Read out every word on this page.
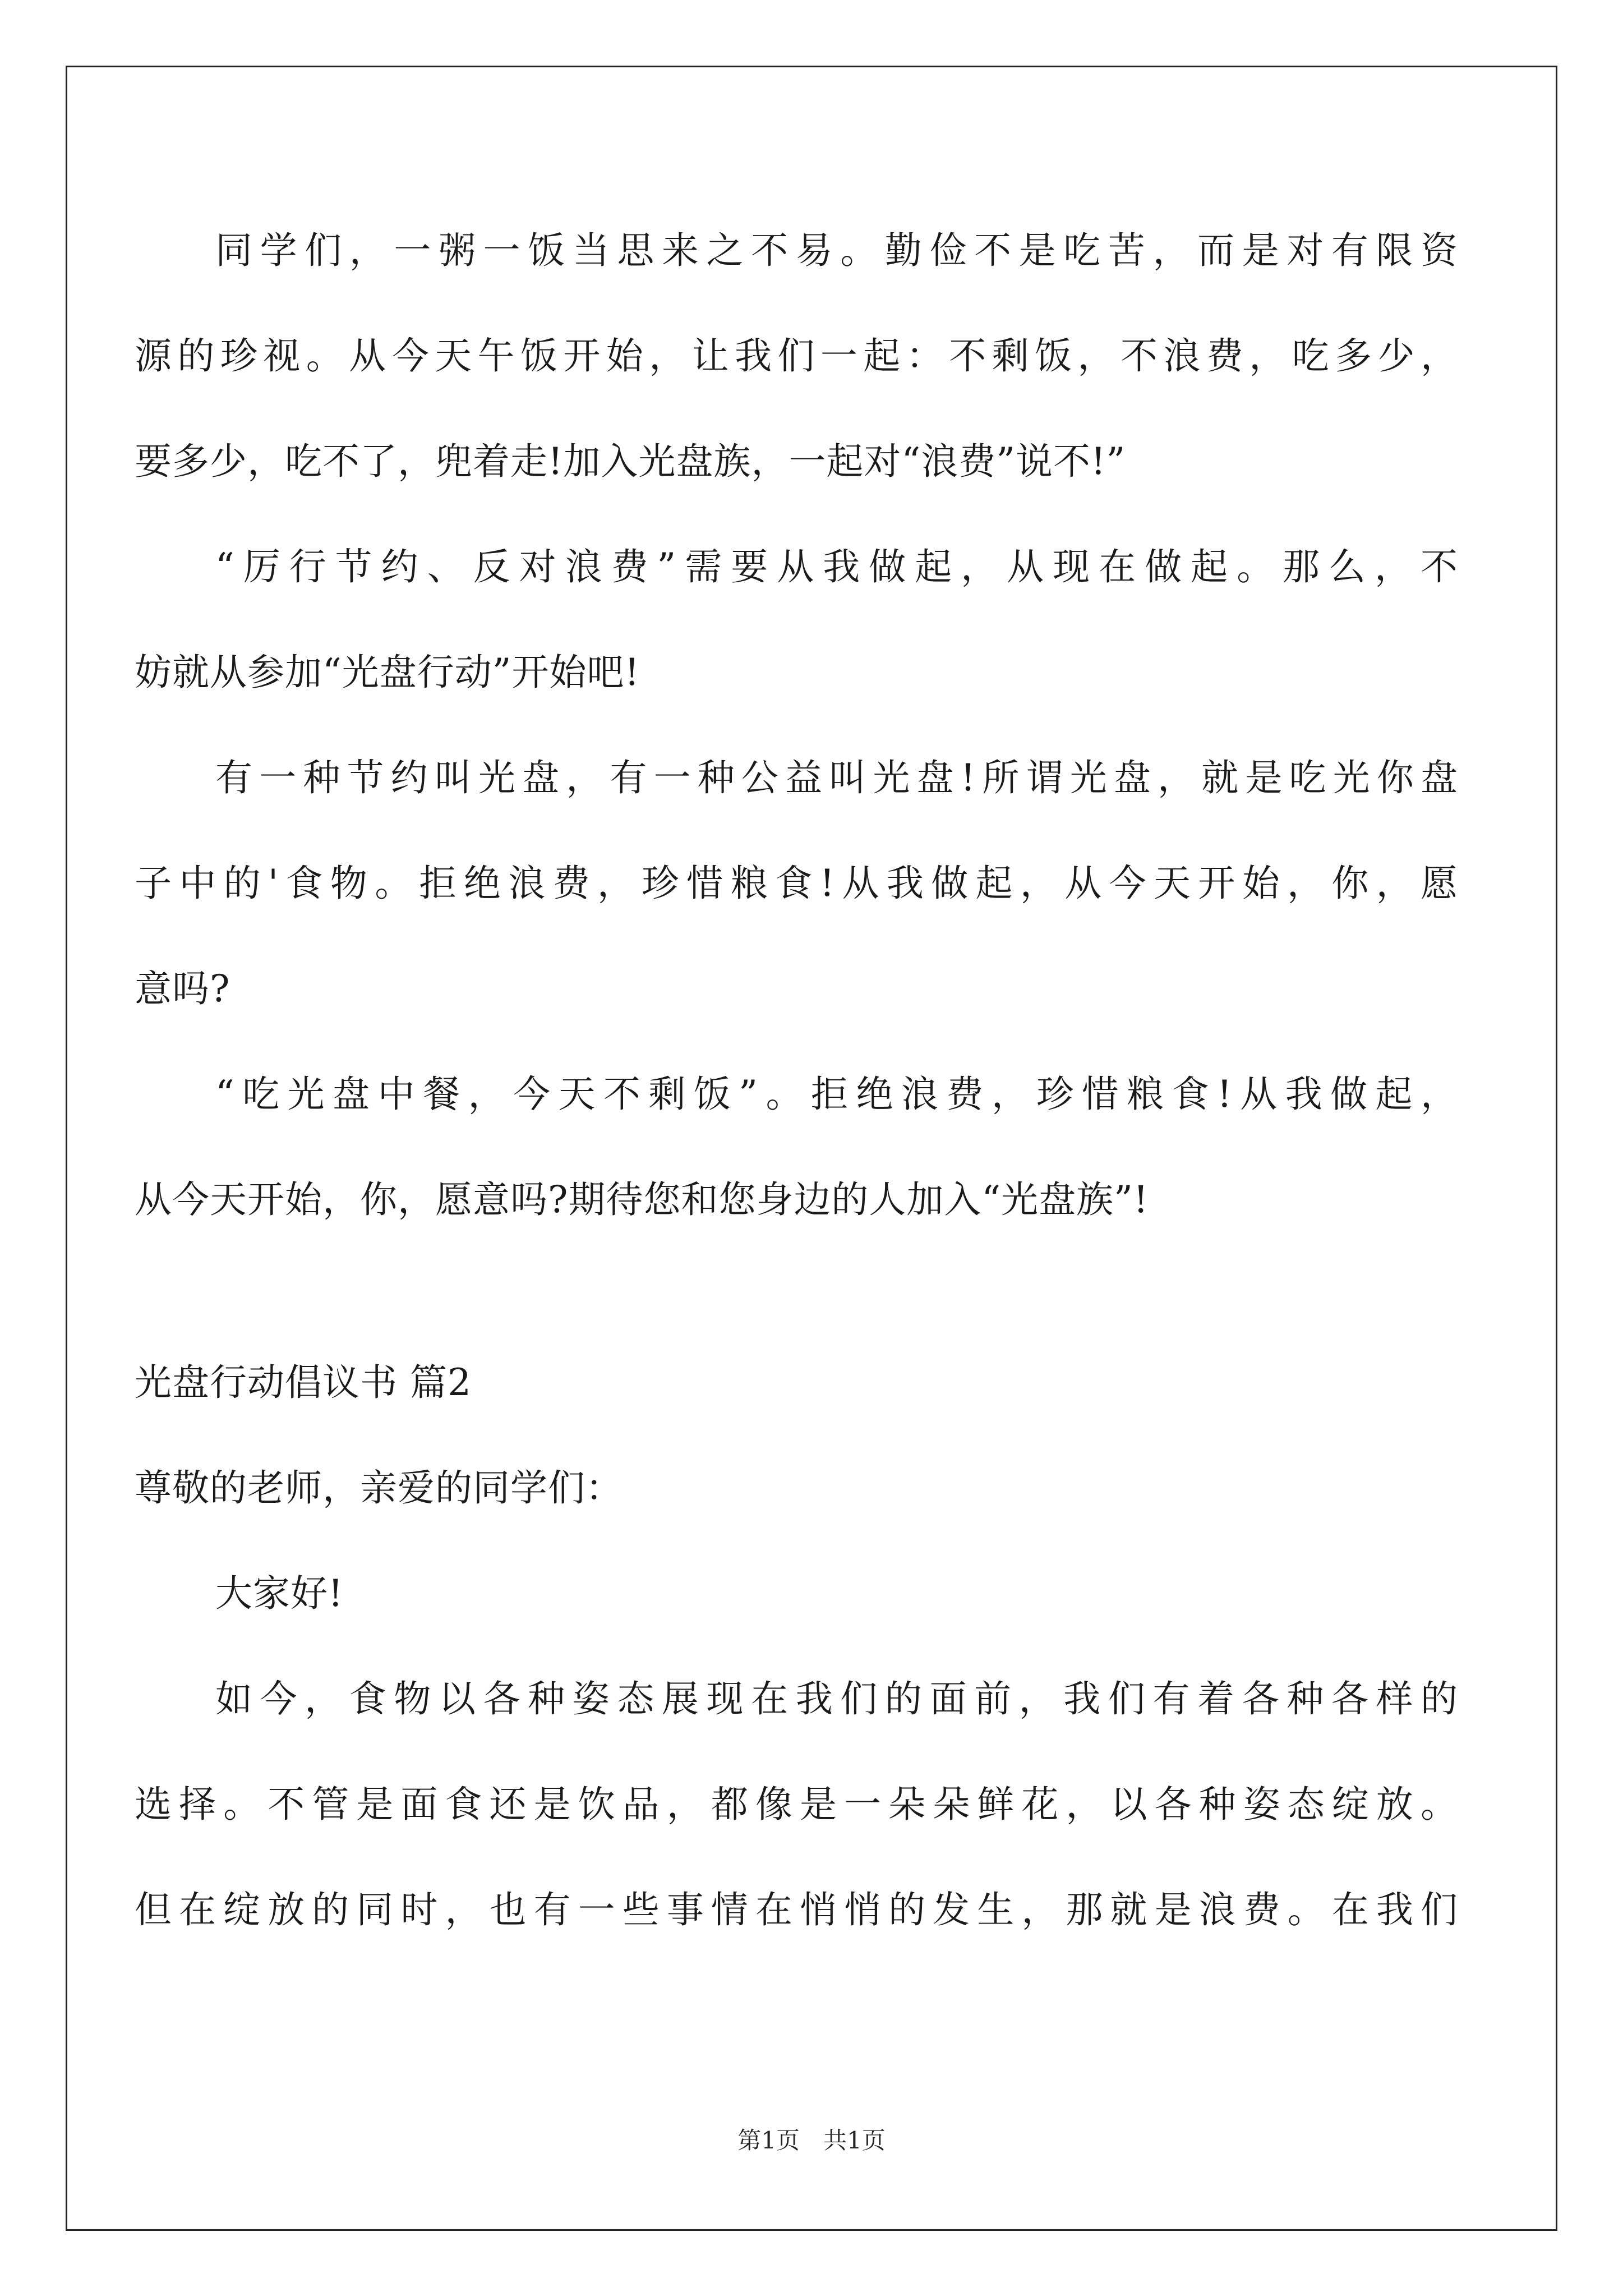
同学们，一粥一饭当思来之不易。勤俭不是吃苦，而是对有限资
源的珍视。从今天午饭开始，让我们一起：不剩饭，不浪费，吃多少，
要多少，吃不了，兜着走!加入光盘族，一起对“浪费”说不!”
“厉行节约、反对浪费”需要从我做起，从现在做起。那么，不
妨就从参加“光盘行动”开始吧!
有一种节约叫光盘，有一种公益叫光盘!所谓光盘，就是吃光你盘
子中的'食物。拒绝浪费，珍惜粮食!从我做起，从今天开始，你，愿
意吗?
“吃光盘中餐，今天不剩饭”。拒绝浪费，珍惜粮食!从我做起，
从今天开始，你，愿意吗?期待您和您身边的人加入“光盘族”!
光盘行动倡议书 篇2
尊敬的老师，亲爱的同学们：
大家好!
如今，食物以各种姿态展现在我们的面前，我们有着各种各样的
选择。不管是面食还是饮品，都像是一朵朵鲜花，以各种姿态绽放。
但在绽放的同时，也有一些事情在悄悄的发生，那就是浪费。在我们
第1页　共1页
